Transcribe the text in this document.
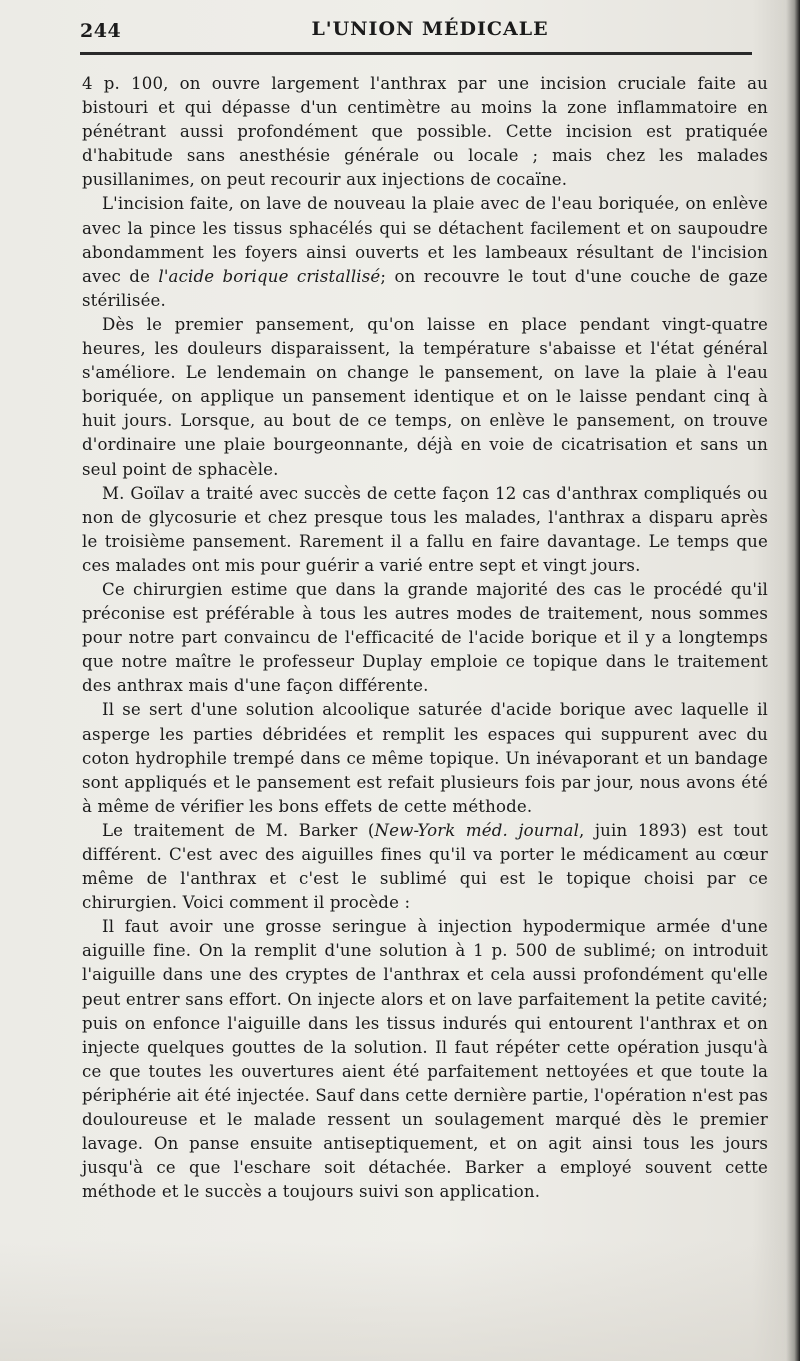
244	L'UNION MÉDICALE

4 p. 100, on ouvre largement l'anthrax par une incision cruciale faite au bistouri et qui dépasse d'un centimètre au moins la zone inflammatoire en pénétrant aussi profondément que possible. Cette incision est pratiquée d'habitude sans anesthésie générale ou locale ; mais chez les malades pusillanimes, on peut recourir aux injections de cocaïne.

L'incision faite, on lave de nouveau la plaie avec de l'eau boriquée, on enlève avec la pince les tissus sphacélés qui se détachent facilement et on saupoudre abondamment les foyers ainsi ouverts et les lambeaux résultant de l'incision avec de l'acide borique cristallisé; on recouvre le tout d'une couche de gaze stérilisée.

Dès le premier pansement, qu'on laisse en place pendant vingt-quatre heures, les douleurs disparaissent, la température s'abaisse et l'état général s'améliore. Le lendemain on change le pansement, on lave la plaie à l'eau boriquée, on applique un pansement identique et on le laisse pendant cinq à huit jours. Lorsque, au bout de ce temps, on enlève le pansement, on trouve d'ordinaire une plaie bourgeonnante, déjà en voie de cicatrisation et sans un seul point de sphacèle.

M. Goïlav a traité avec succès de cette façon 12 cas d'anthrax compliqués ou non de glycosurie et chez presque tous les malades, l'anthrax a disparu après le troisième pansement. Rarement il a fallu en faire davantage. Le temps que ces malades ont mis pour guérir a varié entre sept et vingt jours.

Ce chirurgien estime que dans la grande majorité des cas le procédé qu'il préconise est préférable à tous les autres modes de traitement, nous sommes pour notre part convaincu de l'efficacité de l'acide borique et il y a longtemps que notre maître le professeur Duplay emploie ce topique dans le traitement des anthrax mais d'une façon différente.

Il se sert d'une solution alcoolique saturée d'acide borique avec laquelle il asperge les parties débridées et remplit les espaces qui suppurent avec du coton hydrophile trempé dans ce même topique. Un inévaporant et un bandage sont appliqués et le pansement est refait plusieurs fois par jour, nous avons été à même de vérifier les bons effets de cette méthode.

Le traitement de M. Barker (New-York méd. journal, juin 1893) est tout différent. C'est avec des aiguilles fines qu'il va porter le médicament au cœur même de l'anthrax et c'est le sublimé qui est le topique choisi par ce chirurgien. Voici comment il procède :

Il faut avoir une grosse seringue à injection hypodermique armée d'une aiguille fine. On la remplit d'une solution à 1 p. 500 de sublimé; on introduit l'aiguille dans une des cryptes de l'anthrax et cela aussi profondément qu'elle peut entrer sans effort. On injecte alors et on lave parfaitement la petite cavité; puis on enfonce l'aiguille dans les tissus indurés qui entourent l'anthrax et on injecte quelques gouttes de la solution. Il faut répéter cette opération jusqu'à ce que toutes les ouvertures aient été parfaitement nettoyées et que toute la périphérie ait été injectée. Sauf dans cette dernière partie, l'opération n'est pas douloureuse et le malade ressent un soulagement marqué dès le premier lavage. On panse ensuite antiseptiquement, et on agit ainsi tous les jours jusqu'à ce que l'eschare soit détachée. Barker a employé souvent cette méthode et le succès a toujours suivi son application.
